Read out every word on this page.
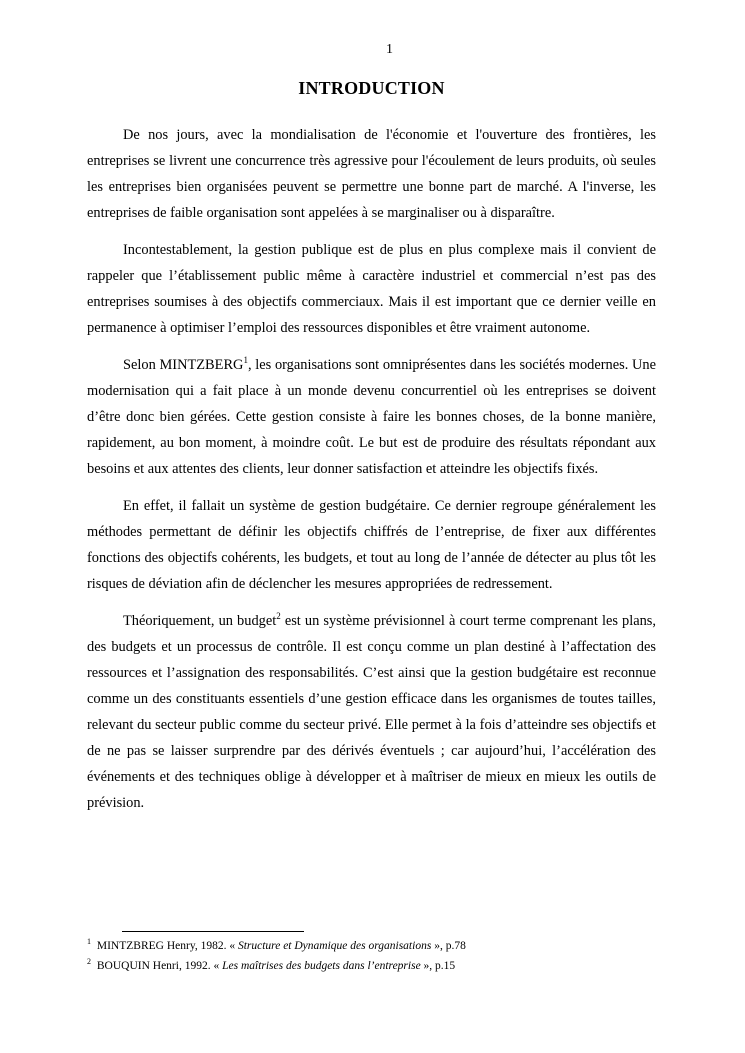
1
INTRODUCTION

De nos jours, avec la mondialisation de l'économie et l'ouverture des frontières, les entreprises se livrent une concurrence très agressive pour l'écoulement de leurs produits, où seules les entreprises bien organisées peuvent se permettre une bonne part de marché. A l'inverse, les entreprises de faible organisation sont appelées à se marginaliser ou à disparaître.

Incontestablement, la gestion publique est de plus en plus complexe mais il convient de rappeler que l’établissement public même à caractère industriel et commercial n’est pas des entreprises soumises à des objectifs commerciaux. Mais il est important que ce dernier veille en permanence à optimiser l’emploi des ressources disponibles et être vraiment autonome.

Selon MINTZBERG$^1$, les organisations sont omniprésentes dans les sociétés modernes. Une modernisation qui a fait place à un monde devenu concurrentiel où les entreprises se doivent d’être donc bien gérées. Cette gestion consiste à faire les bonnes choses, de la bonne manière, rapidement, au bon moment, à moindre coût. Le but est de produire des résultats répondant aux besoins et aux attentes des clients, leur donner satisfaction et atteindre les objectifs fixés.

En effet, il fallait un système de gestion budgétaire. Ce dernier regroupe généralement les méthodes permettant de définir les objectifs chiffrés de l’entreprise, de fixer aux différentes fonctions des objectifs cohérents, les budgets, et tout au long de l’année de détecter au plus tôt les risques de déviation afin de déclencher les mesures appropriées de redressement.

Théoriquement, un budget$^2$ est un système prévisionnel à court terme comprenant les plans, des budgets et un processus de contrôle. Il est conçu comme un plan destiné à l’affectation des ressources et l’assignation des responsabilités. C’est ainsi que la gestion budgétaire est reconnue comme un des constituants essentiels d’une gestion efficace dans les organismes de toutes tailles, relevant du secteur public comme du secteur privé. Elle permet à la fois d’atteindre ses objectifs et de ne pas se laisser surprendre par des dérivés éventuels ; car aujourd’hui, l’accélération des événements et des techniques oblige à développer et à maîtriser de mieux en mieux les outils de prévision.

$^1$ MINTZBREG Henry, 1982. « Structure et Dynamique des organisations », p.78
$^2$ BOUQUIN Henri, 1992. « Les maîtrises des budgets dans l’entreprise », p.15
